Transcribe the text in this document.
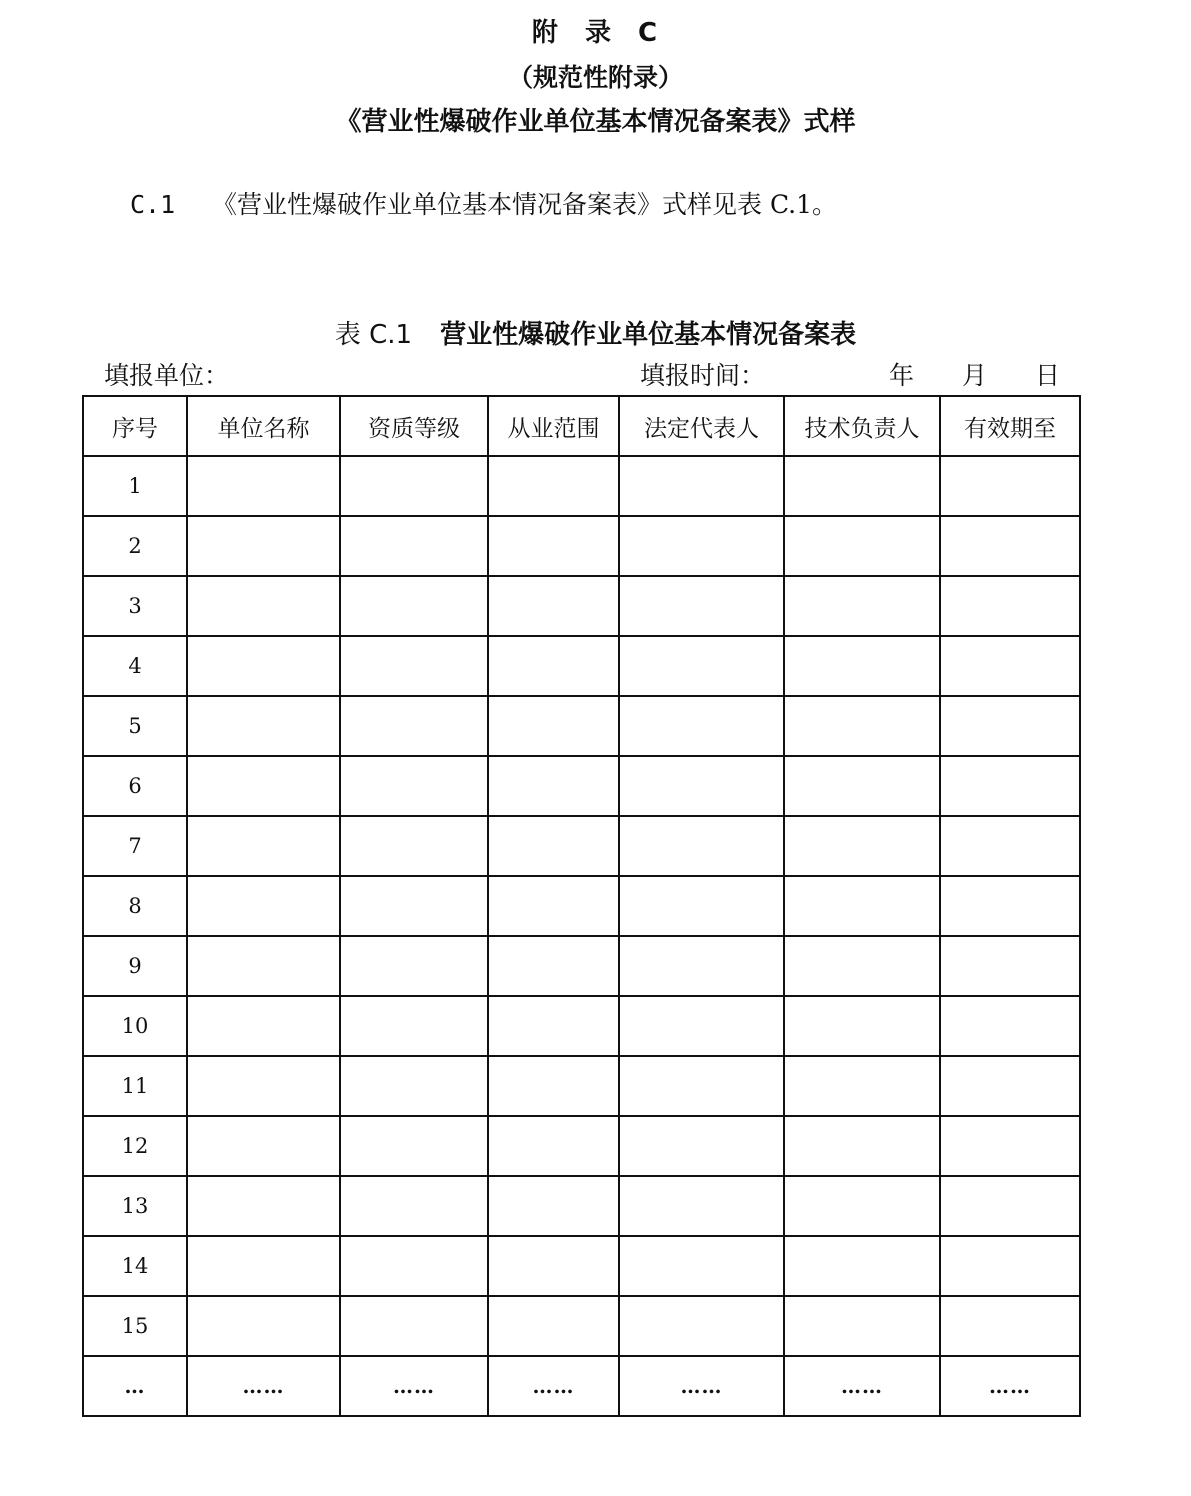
附 录 C
（规范性附录）
《营业性爆破作业单位基本情况备案表》式样
C.1 《营业性爆破作业单位基本情况备案表》式样见表 C.1。
表 C.1 营业性爆破作业单位基本情况备案表
填报单位：	填报时间：	年 月 日
序号	单位名称	资质等级	从业范围	法定代表人	技术负责人	有效期至
1						
2						
3						
4						
5						
6						
7						
8						
9						
10						
11						
12						
13						
14						
15						
…	……	……	……	……	……	……
